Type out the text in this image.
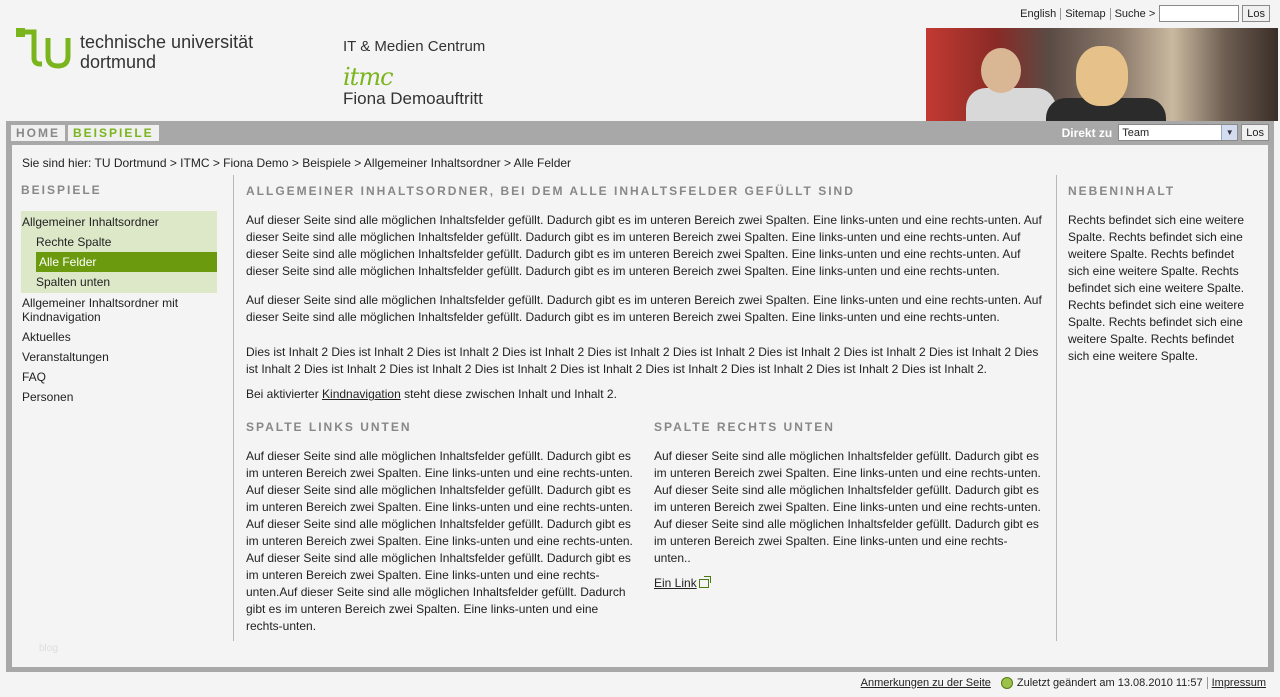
English Sitemap Suche >	Los
technische universität
dortmund
IT & Medien Centrum
itmc
Fiona Demoauftritt
HOME	BEISPIELE	Direkt zu Team	▼	Los
Sie sind hier: TU Dortmund > ITMC > Fiona Demo > Beispiele > Allgemeiner Inhaltsordner > Alle Felder
BEISPIELE
Allgemeiner Inhaltsordner
Rechte Spalte
Alle Felder
Spalten unten
Allgemeiner Inhaltsordner mit Kindnavigation
Aktuelles
Veranstaltungen
FAQ
Personen
blog
ALLGEMEINER INHALTSORDNER, BEI DEM ALLE INHALTSFELDER GEFÜLLT SIND

Auf dieser Seite sind alle möglichen Inhaltsfelder gefüllt. Dadurch gibt es im unteren Bereich zwei Spalten. Eine links-unten und eine rechts-unten. Auf dieser Seite sind alle möglichen Inhaltsfelder gefüllt. Dadurch gibt es im unteren Bereich zwei Spalten. Eine links-unten und eine rechts-unten. Auf dieser Seite sind alle möglichen Inhaltsfelder gefüllt. Dadurch gibt es im unteren Bereich zwei Spalten. Eine links-unten und eine rechts-unten. Auf dieser Seite sind alle möglichen Inhaltsfelder gefüllt. Dadurch gibt es im unteren Bereich zwei Spalten. Eine links-unten und eine rechts-unten.

Auf dieser Seite sind alle möglichen Inhaltsfelder gefüllt. Dadurch gibt es im unteren Bereich zwei Spalten. Eine links-unten und eine rechts-unten. Auf dieser Seite sind alle möglichen Inhaltsfelder gefüllt. Dadurch gibt es im unteren Bereich zwei Spalten. Eine links-unten und eine rechts-unten.

Dies ist Inhalt 2 Dies ist Inhalt 2 Dies ist Inhalt 2 Dies ist Inhalt 2 Dies ist Inhalt 2 Dies ist Inhalt 2 Dies ist Inhalt 2 Dies ist Inhalt 2 Dies ist Inhalt 2 Dies ist Inhalt 2 Dies ist Inhalt 2 Dies ist Inhalt 2 Dies ist Inhalt 2 Dies ist Inhalt 2 Dies ist Inhalt 2 Dies ist Inhalt 2 Dies ist Inhalt 2 Dies ist Inhalt 2.

Bei aktivierter Kindnavigation steht diese zwischen Inhalt und Inhalt 2.

SPALTE LINKS UNTEN

Auf dieser Seite sind alle möglichen Inhaltsfelder gefüllt. Dadurch gibt es im unteren Bereich zwei Spalten. Eine links-unten und eine rechts-unten. Auf dieser Seite sind alle möglichen Inhaltsfelder gefüllt. Dadurch gibt es im unteren Bereich zwei Spalten. Eine links-unten und eine rechts-unten. Auf dieser Seite sind alle möglichen Inhaltsfelder gefüllt. Dadurch gibt es im unteren Bereich zwei Spalten. Eine links-unten und eine rechts-unten. Auf dieser Seite sind alle möglichen Inhaltsfelder gefüllt. Dadurch gibt es im unteren Bereich zwei Spalten. Eine links-unten und eine rechts-unten.Auf dieser Seite sind alle möglichen Inhaltsfelder gefüllt. Dadurch gibt es im unteren Bereich zwei Spalten. Eine links-unten und eine rechts-unten.

SPALTE RECHTS UNTEN

Auf dieser Seite sind alle möglichen Inhaltsfelder gefüllt. Dadurch gibt es im unteren Bereich zwei Spalten. Eine links-unten und eine rechts-unten. Auf dieser Seite sind alle möglichen Inhaltsfelder gefüllt. Dadurch gibt es im unteren Bereich zwei Spalten. Eine links-unten und eine rechts-unten. Auf dieser Seite sind alle möglichen Inhaltsfelder gefüllt. Dadurch gibt es im unteren Bereich zwei Spalten. Eine links-unten und eine rechts-unten..

Ein Link

NEBENINHALT

Rechts befindet sich eine weitere Spalte. Rechts befindet sich eine weitere Spalte. Rechts befindet sich eine weitere Spalte. Rechts befindet sich eine weitere Spalte. Rechts befindet sich eine weitere Spalte. Rechts befindet sich eine weitere Spalte. Rechts befindet sich eine weitere Spalte.

Anmerkungen zu der Seite	Zuletzt geändert am 13.08.2010 11:57 Impressum
